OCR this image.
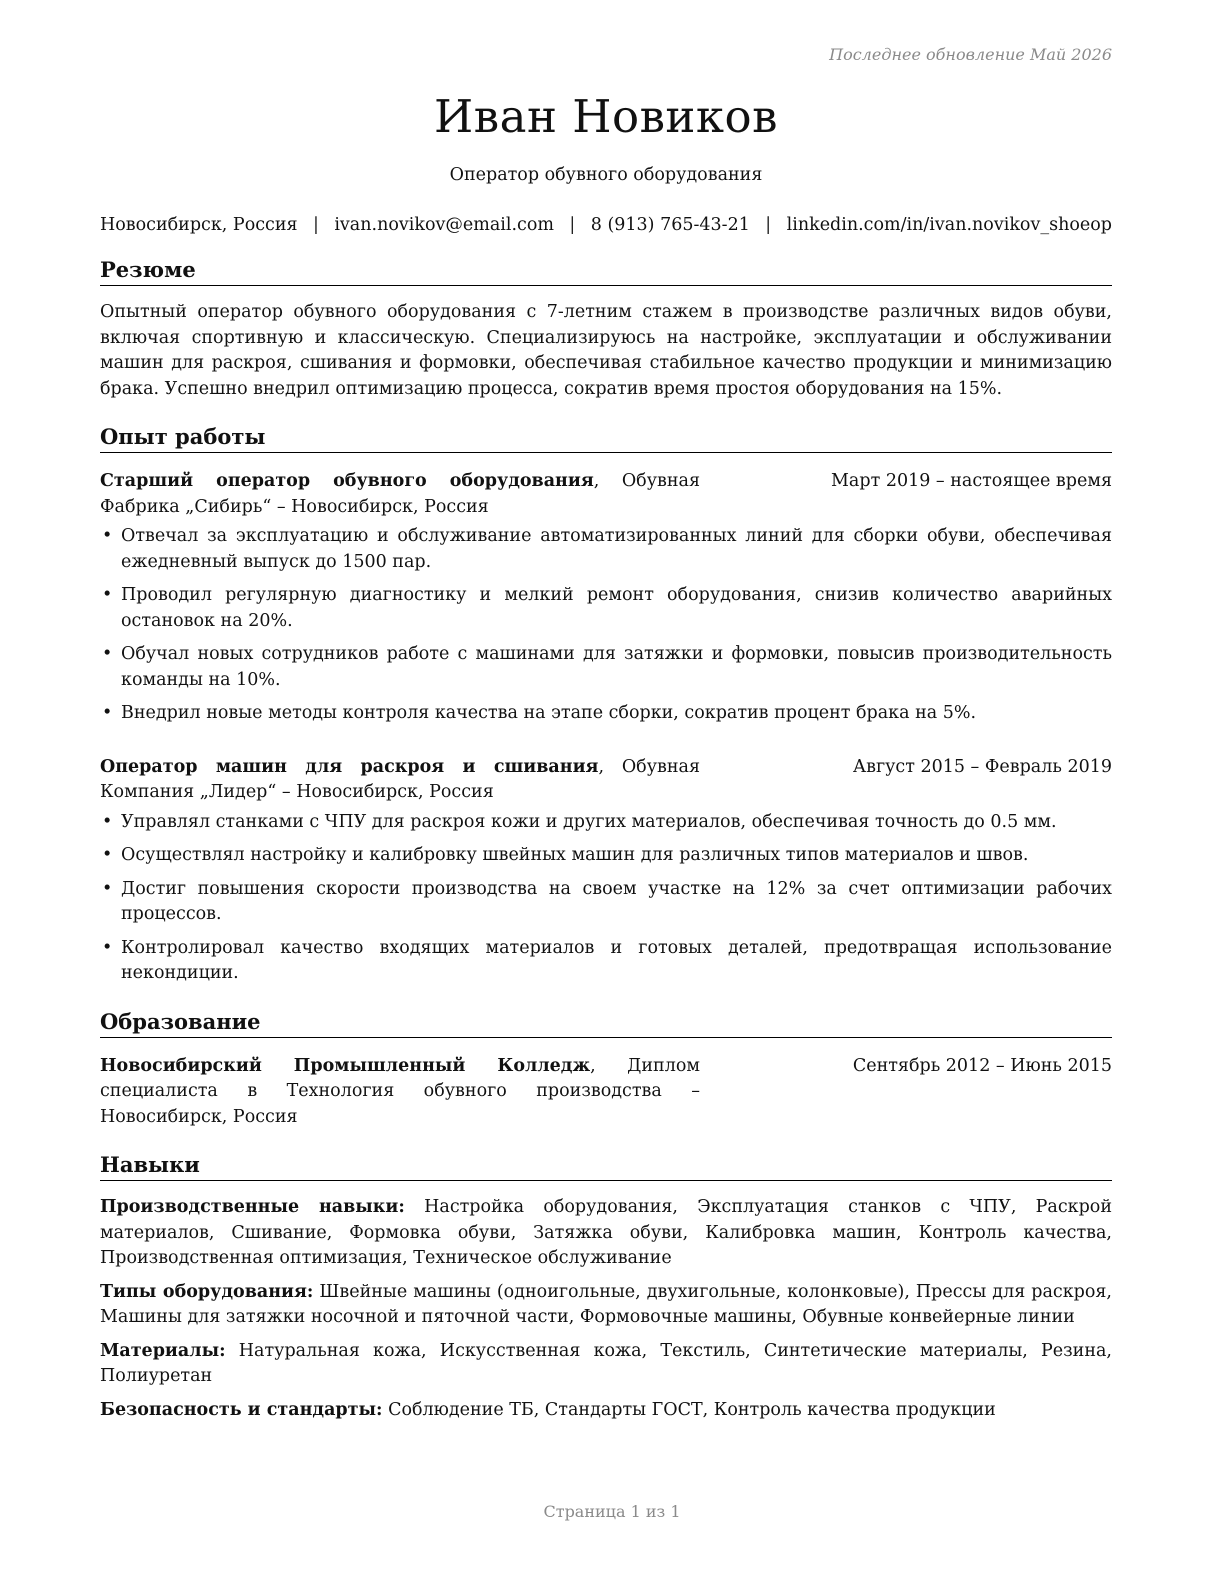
Последнее обновление Май 2026
Иван Новиков
Оператор обувного оборудования
Новосибирск, Россия | ivan.novikov@email.com | 8 (913) 765-43-21 | linkedin.com/in/ivan.novikov_shoeop
Резюме
Опытный оператор обувного оборудования с 7-летним стажем в производстве различных видов обуви, включая спортивную и классическую. Специализируюсь на настройке, эксплуатации и обслуживании машин для раскроя, сшивания и формовки, обеспечивая стабильное качество продукции и минимизацию брака. Успешно внедрил оптимизацию процесса, сократив время простоя оборудования на 15%.
Опыт работы
Старший оператор обувного оборудования, Обувная Фабрика „Сибирь“ – Новосибирск, Россия
Март 2019 – настоящее время
• Отвечал за эксплуатацию и обслуживание автоматизированных линий для сборки обуви, обеспечивая ежедневный выпуск до 1500 пар.
• Проводил регулярную диагностику и мелкий ремонт оборудования, снизив количество аварийных остановок на 20%.
• Обучал новых сотрудников работе с машинами для затяжки и формовки, повысив производительность команды на 10%.
• Внедрил новые методы контроля качества на этапе сборки, сократив процент брака на 5%.
Оператор машин для раскроя и сшивания, Обувная Компания „Лидер“ – Новосибирск, Россия
Август 2015 – Февраль 2019
• Управлял станками с ЧПУ для раскроя кожи и других материалов, обеспечивая точность до 0.5 мм.
• Осуществлял настройку и калибровку швейных машин для различных типов материалов и швов.
• Достиг повышения скорости производства на своем участке на 12% за счет оптимизации рабочих процессов.
• Контролировал качество входящих материалов и готовых деталей, предотвращая использование некондиции.
Образование
Новосибирский Промышленный Колледж, Диплом специалиста в Технология обувного производства – Новосибирск, Россия
Сентябрь 2012 – Июнь 2015
Навыки
Производственные навыки: Настройка оборудования, Эксплуатация станков с ЧПУ, Раскрой материалов, Сшивание, Формовка обуви, Затяжка обуви, Калибровка машин, Контроль качества, Производственная оптимизация, Техническое обслуживание
Типы оборудования: Швейные машины (одноигольные, двухигольные, колонковые), Прессы для раскроя, Машины для затяжки носочной и пяточной части, Формовочные машины, Обувные конвейерные линии
Материалы: Натуральная кожа, Искусственная кожа, Текстиль, Синтетические материалы, Резина, Полиуретан
Безопасность и стандарты: Соблюдение ТБ, Стандарты ГОСТ, Контроль качества продукции
Страница 1 из 1
